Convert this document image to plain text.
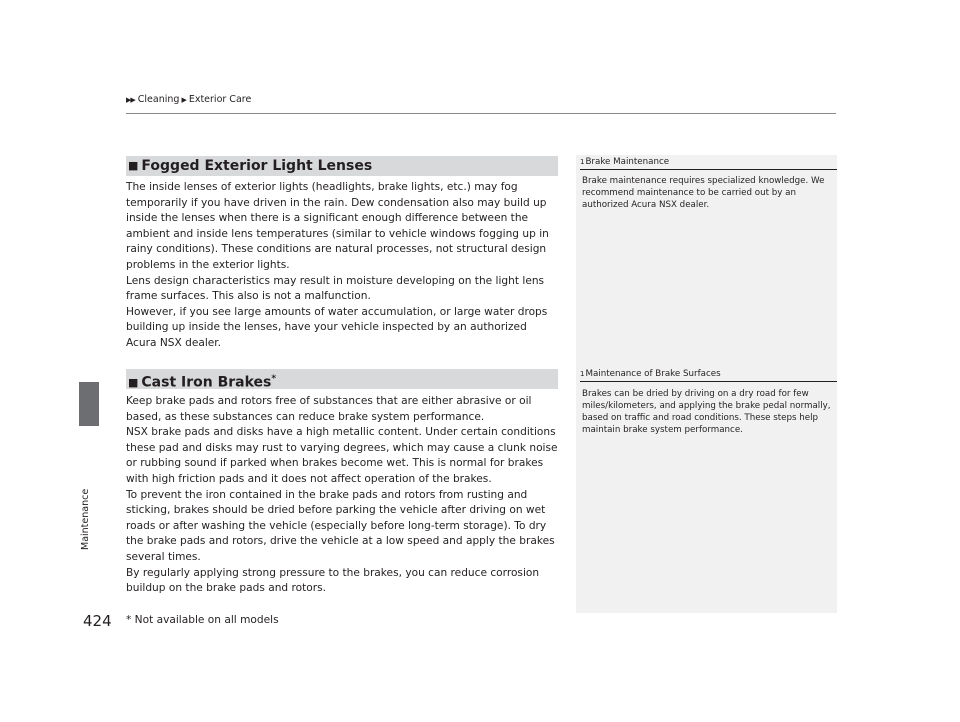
▶▶ Cleaning ▶ Exterior Care
Maintenance
424
■ Fogged Exterior Light Lenses
The inside lenses of exterior lights (headlights, brake lights, etc.) may fog temporarily if you have driven in the rain. Dew condensation also may build up inside the lenses when there is a significant enough difference between the ambient and inside lens temperatures (similar to vehicle windows fogging up in rainy conditions). These conditions are natural processes, not structural design problems in the exterior lights.
Lens design characteristics may result in moisture developing on the light lens frame surfaces. This also is not a malfunction.
However, if you see large amounts of water accumulation, or large water drops building up inside the lenses, have your vehicle inspected by an authorized Acura NSX dealer.
■ Cast Iron Brakes*
Keep brake pads and rotors free of substances that are either abrasive or oil based, as these substances can reduce brake system performance.
NSX brake pads and disks have a high metallic content. Under certain conditions these pad and disks may rust to varying degrees, which may cause a clunk noise or rubbing sound if parked when brakes become wet. This is normal for brakes with high friction pads and it does not affect operation of the brakes.
To prevent the iron contained in the brake pads and rotors from rusting and sticking, brakes should be dried before parking the vehicle after driving on wet roads or after washing the vehicle (especially before long-term storage). To dry the brake pads and rotors, drive the vehicle at a low speed and apply the brakes several times.
By regularly applying strong pressure to the brakes, you can reduce corrosion buildup on the brake pads and rotors.
1Brake Maintenance
Brake maintenance requires specialized knowledge. We recommend maintenance to be carried out by an authorized Acura NSX dealer.
1Maintenance of Brake Surfaces
Brakes can be dried by driving on a dry road for few miles/kilometers, and applying the brake pedal normally, based on traffic and road conditions. These steps help maintain brake system performance.
* Not available on all models
